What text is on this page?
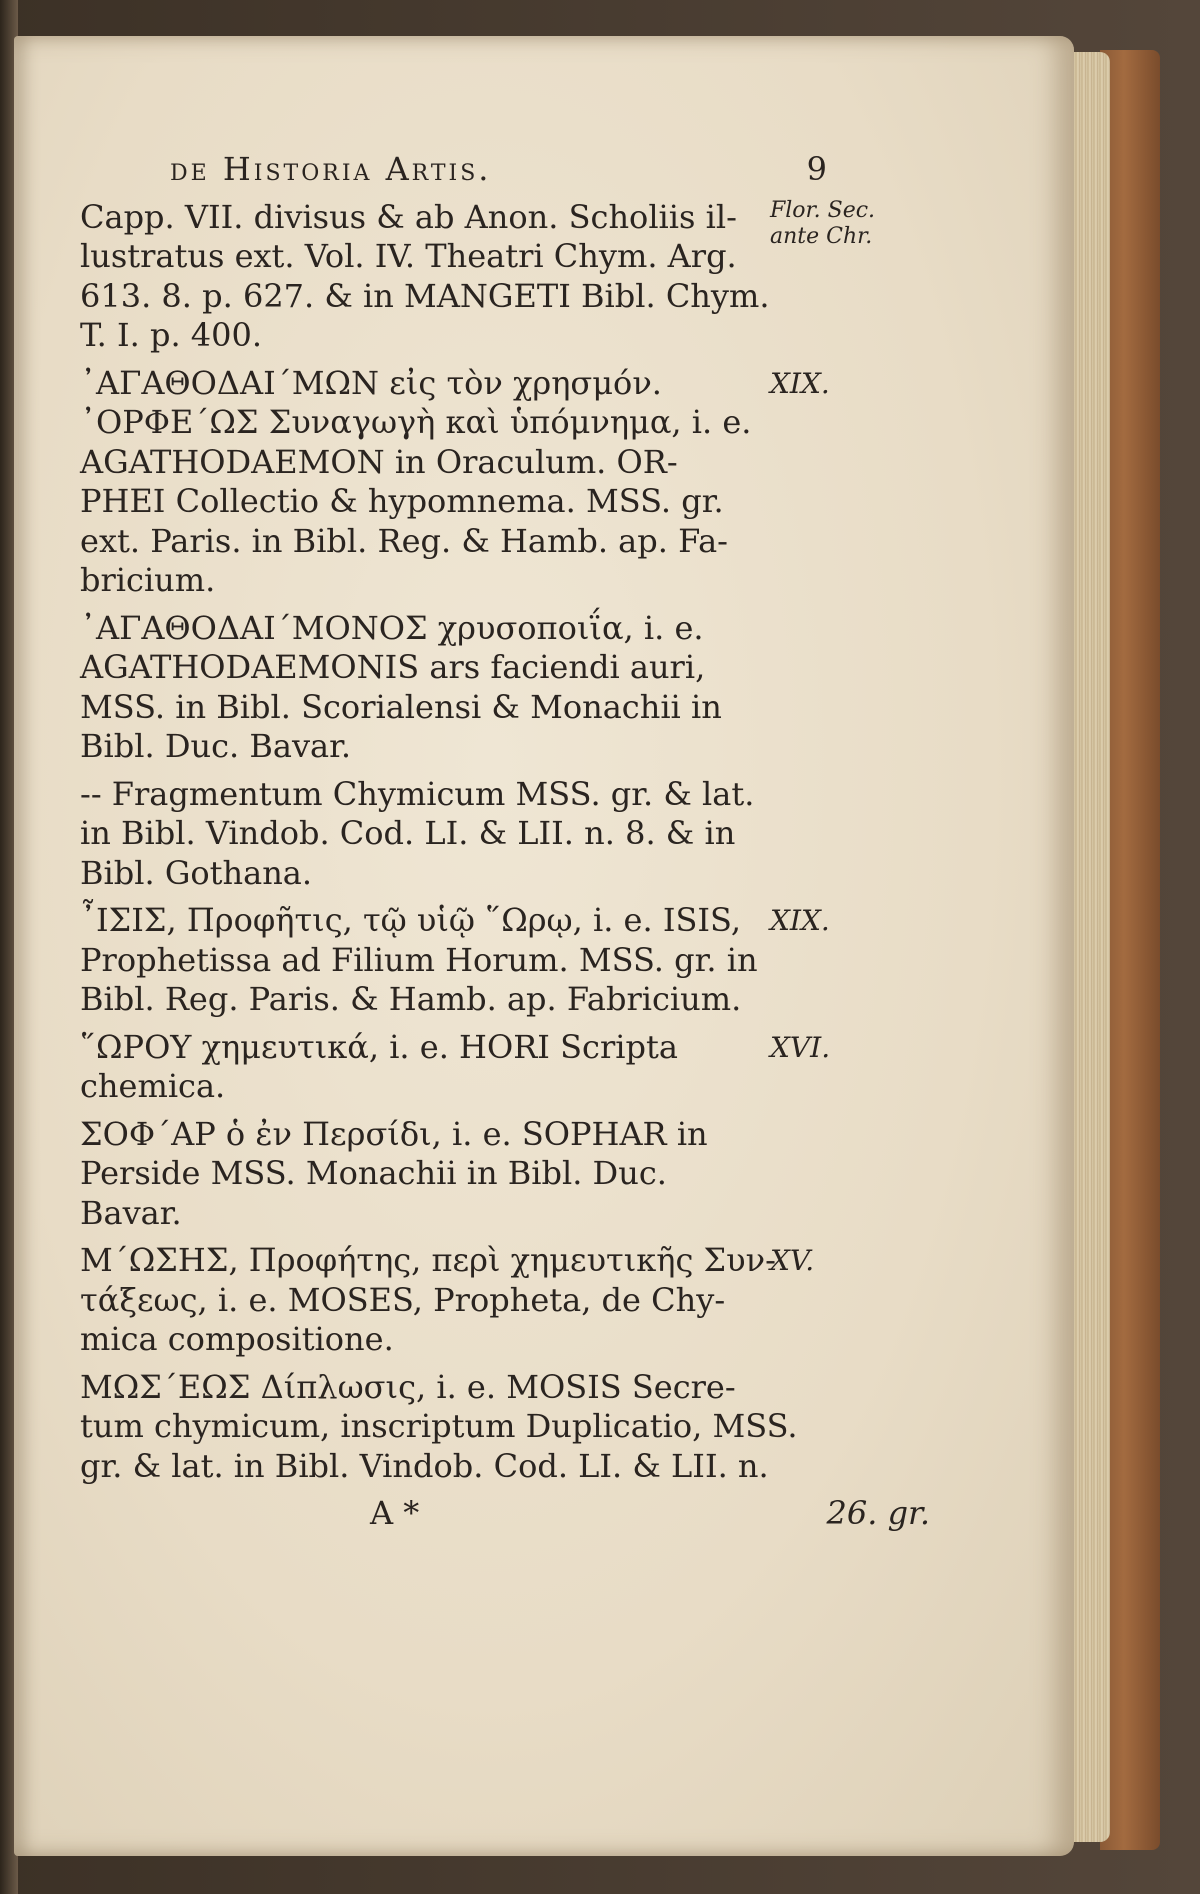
de Historia Artis.	9
Capp. VII. divisus & ab Anon. Scholiis il-
lustratus ext. Vol. IV. Theatri Chym. Arg.
613. 8. p. 627. & in MANGETI Bibl. Chym.
T. I. p. 400.
Flor. Sec. ante Chr.
᾿ΑΓΑΘΟΔΑΙ΄ΜΩΝ εἰς τὸν χρησμόν.
᾿ΟΡΦΕ΄ΩΣ Συναγωγὴ καὶ ὑπόμνημα, i. e.
AGATHODAEMON in Oraculum. OR-
PHEI Collectio & hypomnema. MSS. gr.
ext. Paris. in Bibl. Reg. & Hamb. ap. Fa-
bricium.
XIX.
᾿ΑΓΑΘΟΔΑΙ΄ΜΟΝΟΣ χρυσοποιΐα, i. e.
AGATHODAEMONIS ars faciendi auri,
MSS. in Bibl. Scorialensi & Monachii in
Bibl. Duc. Bavar.
-- Fragmentum Chymicum MSS. gr. & lat.
in Bibl. Vindob. Cod. LI. & LII. n. 8. & in
Bibl. Gothana.
῏ΙΣΙΣ, Προφῆτις, τῷ υἱῷ ῞Ωρῳ, i. e. ISIS,
Prophetissa ad Filium Horum. MSS. gr. in
Bibl. Reg. Paris. & Hamb. ap. Fabricium.
XIX.
῞ΩΡΟΥ χημευτικά, i. e. HORI Scripta
chemica.
XVI.
ΣΟΦ΄ΑΡ ὁ ἐν Περσίδι, i. e. SOPHAR in
Perside MSS. Monachii in Bibl. Duc.
Bavar.
Μ΄ΩΣΗΣ, Προφήτης, περὶ χημευτικῆς Συν-
τάξεως, i. e. MOSES, Propheta, de Chy-
mica compositione.
XV.
ΜΩΣ΄ΕΩΣ Δίπλωσις, i. e. MOSIS Secre-
tum chymicum, inscriptum Duplicatio, MSS.
gr. & lat. in Bibl. Vindob. Cod. LI. & LII. n.
A *	26. gr.
